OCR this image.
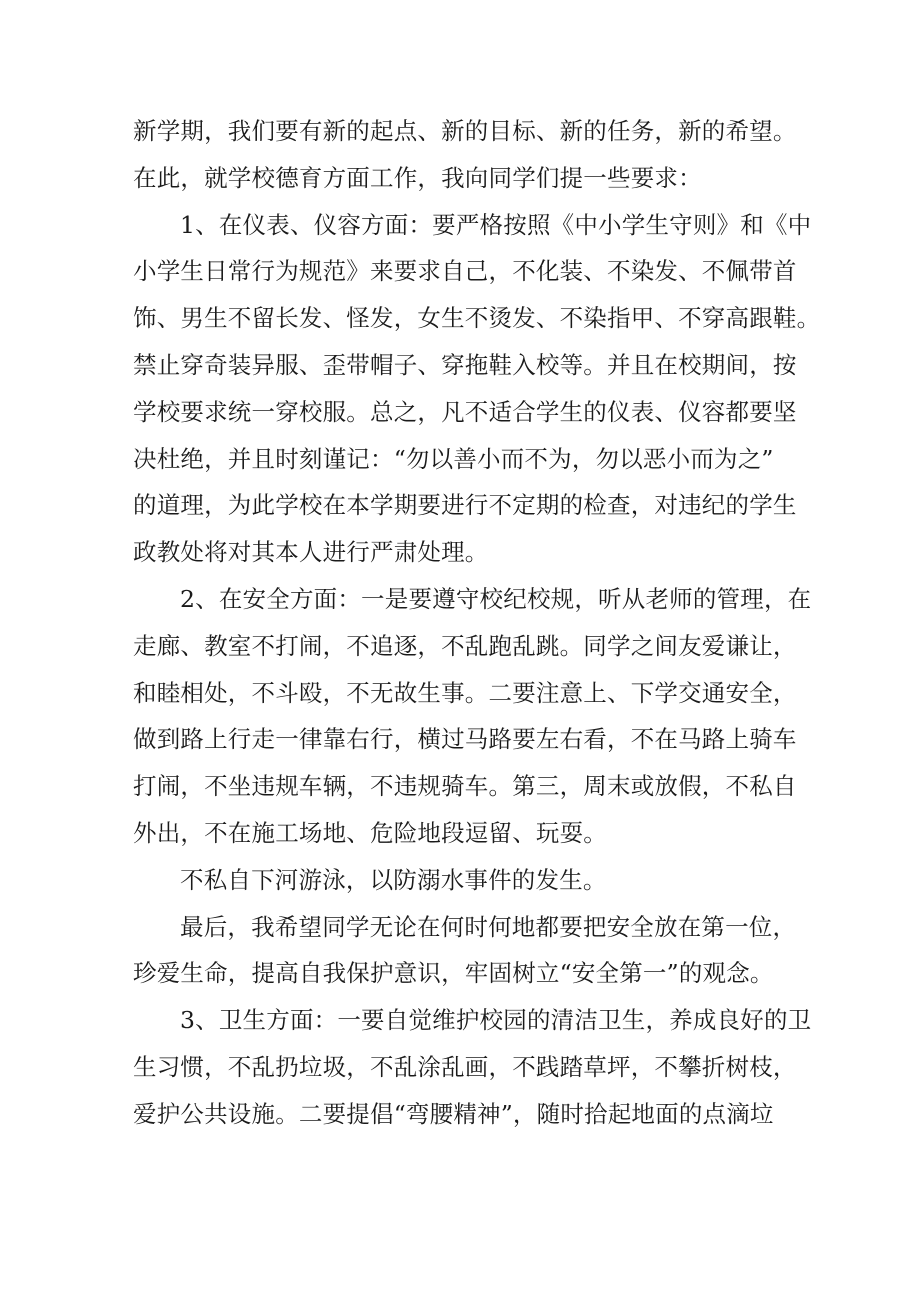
新学期，我们要有新的起点、新的目标、新的任务，新的希望。
在此，就学校德育方面工作，我向同学们提一些要求：
1、在仪表、仪容方面：要严格按照《中小学生守则》和《中
小学生日常行为规范》来要求自己，不化装、不染发、不佩带首
饰、男生不留长发、怪发，女生不烫发、不染指甲、不穿高跟鞋。
禁止穿奇装异服、歪带帽子、穿拖鞋入校等。并且在校期间，按
学校要求统一穿校服。总之，凡不适合学生的仪表、仪容都要坚
决杜绝，并且时刻谨记：“勿以善小而不为，勿以恶小而为之”
的道理，为此学校在本学期要进行不定期的检查，对违纪的学生
政教处将对其本人进行严肃处理。
2、在安全方面：一是要遵守校纪校规，听从老师的管理，在
走廊、教室不打闹，不追逐，不乱跑乱跳。同学之间友爱谦让，
和睦相处，不斗殴，不无故生事。二要注意上、下学交通安全，
做到路上行走一律靠右行，横过马路要左右看，不在马路上骑车
打闹，不坐违规车辆，不违规骑车。第三，周末或放假，不私自
外出，不在施工场地、危险地段逗留、玩耍。
不私自下河游泳，以防溺水事件的发生。
最后，我希望同学无论在何时何地都要把安全放在第一位，
珍爱生命，提高自我保护意识，牢固树立“安全第一”的观念。
3、卫生方面：一要自觉维护校园的清洁卫生，养成良好的卫
生习惯，不乱扔垃圾，不乱涂乱画，不践踏草坪，不攀折树枝，
爱护公共设施。二要提倡“弯腰精神”，随时拾起地面的点滴垃
